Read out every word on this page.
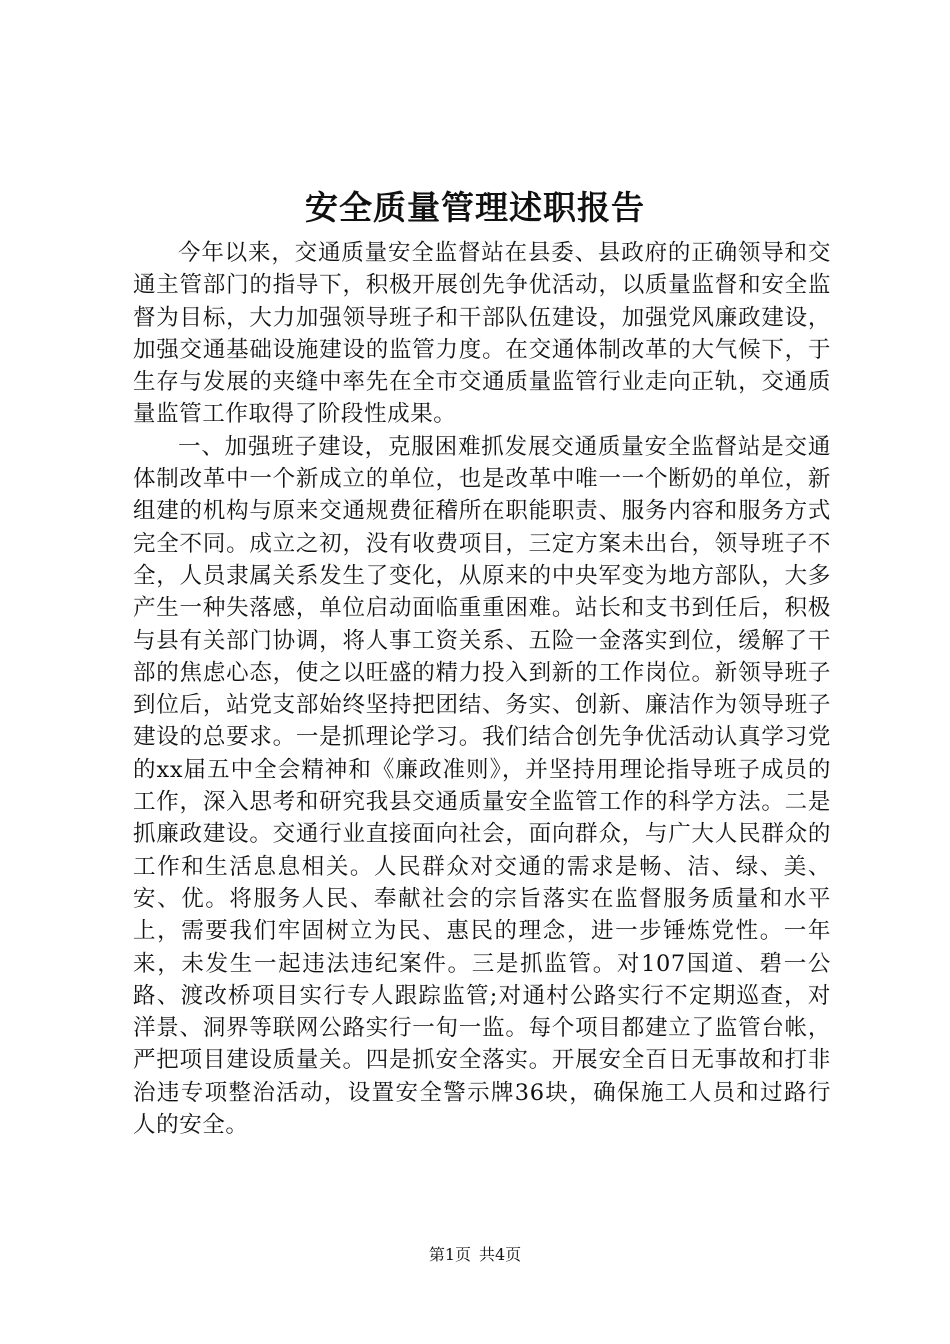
安全质量管理述职报告

今年以来，交通质量安全监督站在县委、县政府的正确领导和交通主管部门的指导下，积极开展创先争优活动，以质量监督和安全监督为目标，大力加强领导班子和干部队伍建设，加强党风廉政建设，加强交通基础设施建设的监管力度。在交通体制改革的大气候下，于生存与发展的夹缝中率先在全市交通质量监管行业走向正轨，交通质量监管工作取得了阶段性成果。

一、加强班子建设，克服困难抓发展交通质量安全监督站是交通体制改革中一个新成立的单位，也是改革中唯一一个断奶的单位，新组建的机构与原来交通规费征稽所在职能职责、服务内容和服务方式完全不同。成立之初，没有收费项目，三定方案未出台，领导班子不全，人员隶属关系发生了变化，从原来的中央军变为地方部队，大多产生一种失落感，单位启动面临重重困难。站长和支书到任后，积极与县有关部门协调，将人事工资关系、五险一金落实到位，缓解了干部的焦虑心态，使之以旺盛的精力投入到新的工作岗位。新领导班子到位后，站党支部始终坚持把团结、务实、创新、廉洁作为领导班子建设的总要求。一是抓理论学习。我们结合创先争优活动认真学习党的xx届五中全会精神和《廉政准则》，并坚持用理论指导班子成员的工作，深入思考和研究我县交通质量安全监管工作的科学方法。二是抓廉政建设。交通行业直接面向社会，面向群众，与广大人民群众的工作和生活息息相关。人民群众对交通的需求是畅、洁、绿、美、安、优。将服务人民、奉献社会的宗旨落实在监督服务质量和水平上，需要我们牢固树立为民、惠民的理念，进一步锤炼党性。一年来，未发生一起违法违纪案件。三是抓监管。对107国道、碧一公路、渡改桥项目实行专人跟踪监管;对通村公路实行不定期巡查，对洋景、洞界等联网公路实行一旬一监。每个项目都建立了监管台帐，严把项目建设质量关。四是抓安全落实。开展安全百日无事故和打非治违专项整治活动，设置安全警示牌36块，确保施工人员和过路行人的安全。

第1页 共4页
